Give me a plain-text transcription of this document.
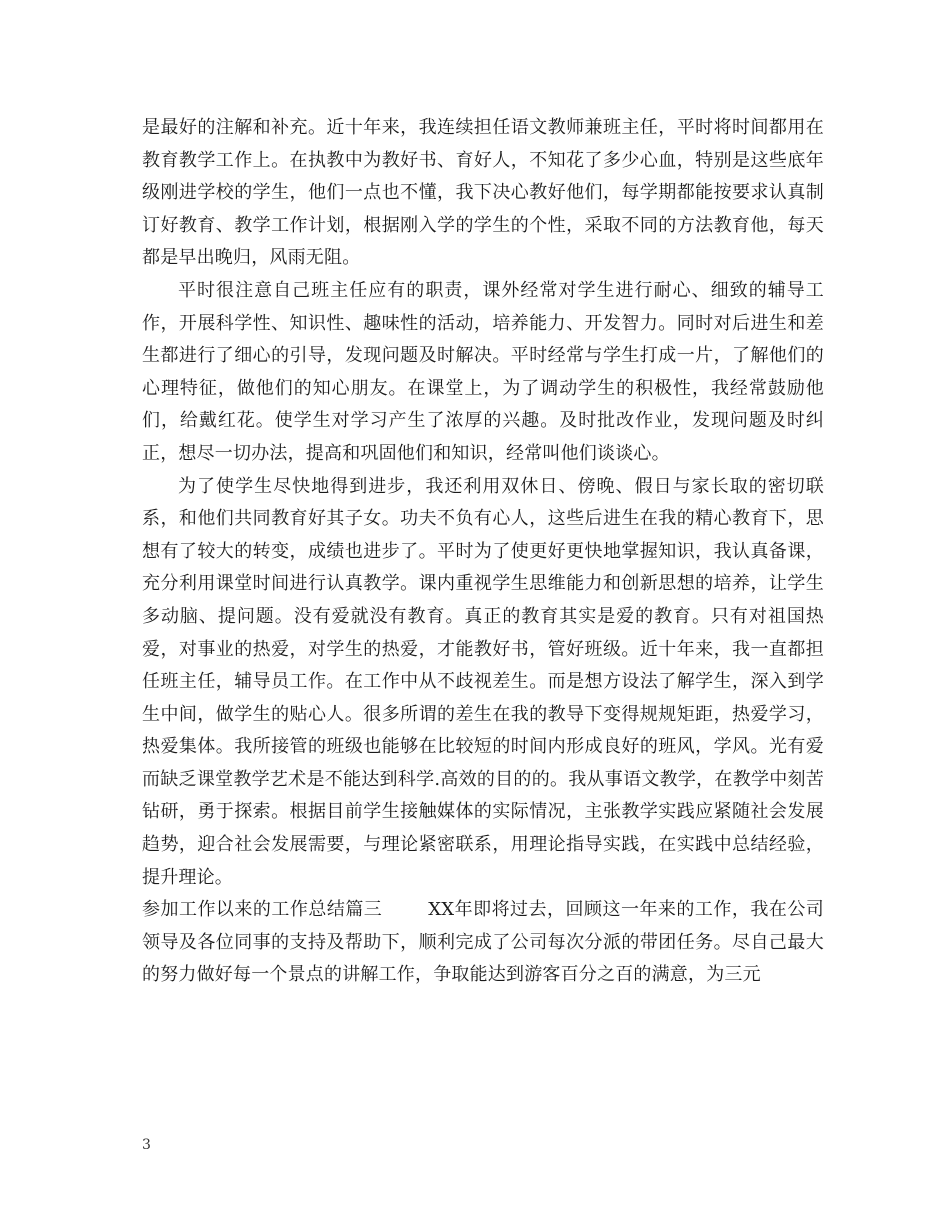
是最好的注解和补充。近十年来，我连续担任语文教师兼班主任，平时将时间都用在教育教学工作上。在执教中为教好书、育好人，不知花了多少心血，特别是这些底年级刚进学校的学生，他们一点也不懂，我下决心教好他们，每学期都能按要求认真制订好教育、教学工作计划，根据刚入学的学生的个性，采取不同的方法教育他，每天都是早出晚归，风雨无阻。

平时很注意自己班主任应有的职责，课外经常对学生进行耐心、细致的辅导工作，开展科学性、知识性、趣味性的活动，培养能力、开发智力。同时对后进生和差生都进行了细心的引导，发现问题及时解决。平时经常与学生打成一片，了解他们的心理特征，做他们的知心朋友。在课堂上，为了调动学生的积极性，我经常鼓励他们，给戴红花。使学生对学习产生了浓厚的兴趣。及时批改作业，发现问题及时纠正，想尽一切办法，提高和巩固他们和知识，经常叫他们谈谈心。

为了使学生尽快地得到进步，我还利用双休日、傍晚、假日与家长取的密切联系，和他们共同教育好其子女。功夫不负有心人，这些后进生在我的精心教育下，思想有了较大的转变，成绩也进步了。平时为了使更好更快地掌握知识，我认真备课，充分利用课堂时间进行认真教学。课内重视学生思维能力和创新思想的培养，让学生多动脑、提问题。没有爱就没有教育。真正的教育其实是爱的教育。只有对祖国热爱，对事业的热爱，对学生的热爱，才能教好书，管好班级。近十年来，我一直都担任班主任，辅导员工作。在工作中从不歧视差生。而是想方设法了解学生，深入到学生中间，做学生的贴心人。很多所谓的差生在我的教导下变得规规矩距，热爱学习，热爱集体。我所接管的班级也能够在比较短的时间内形成良好的班风，学风。光有爱而缺乏课堂教学艺术是不能达到科学.高效的目的的。我从事语文教学，在教学中刻苦钻研，勇于探索。根据目前学生接触媒体的实际情况，主张教学实践应紧随社会发展趋势，迎合社会发展需要，与理论紧密联系，用理论指导实践，在实践中总结经验，提升理论。

参加工作以来的工作总结篇三	XX年即将过去，回顾这一年来的工作，我在公司领导及各位同事的支持及帮助下，顺利完成了公司每次分派的带团任务。尽自己最大的努力做好每一个景点的讲解工作，争取能达到游客百分之百的满意，为三元

3
